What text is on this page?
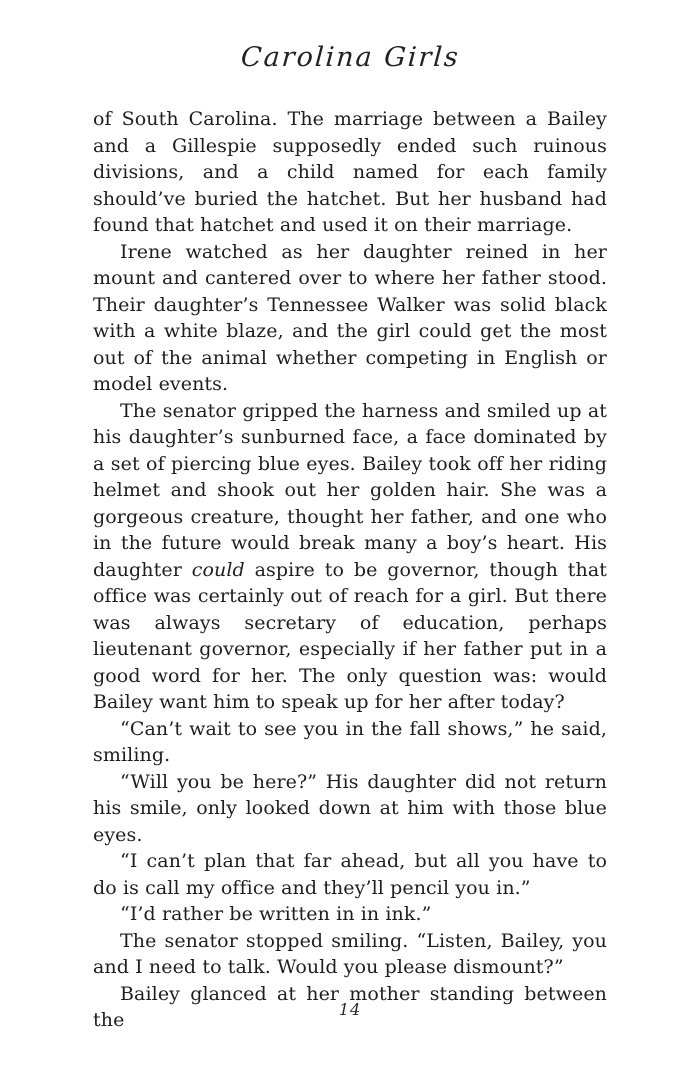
Carolina Girls

of South Carolina. The marriage between a Bailey and a Gillespie supposedly ended such ruinous divisions, and a child named for each family should’ve buried the hatchet. But her husband had found that hatchet and used it on their marriage.

Irene watched as her daughter reined in her mount and cantered over to where her father stood. Their daughter’s Tennessee Walker was solid black with a white blaze, and the girl could get the most out of the animal whether competing in English or model events.

The senator gripped the harness and smiled up at his daughter’s sunburned face, a face dominated by a set of piercing blue eyes. Bailey took off her riding helmet and shook out her golden hair. She was a gorgeous creature, thought her father, and one who in the future would break many a boy’s heart. His daughter could aspire to be governor, though that office was certainly out of reach for a girl. But there was always secretary of education, perhaps lieutenant governor, especially if her father put in a good word for her. The only question was: would Bailey want him to speak up for her after today?

“Can’t wait to see you in the fall shows,” he said, smiling.

“Will you be here?” His daughter did not return his smile, only looked down at him with those blue eyes.

“I can’t plan that far ahead, but all you have to do is call my office and they’ll pencil you in.”

“I’d rather be written in in ink.”

The senator stopped smiling. “Listen, Bailey, you and I need to talk. Would you please dismount?”

Bailey glanced at her mother standing between the	14
